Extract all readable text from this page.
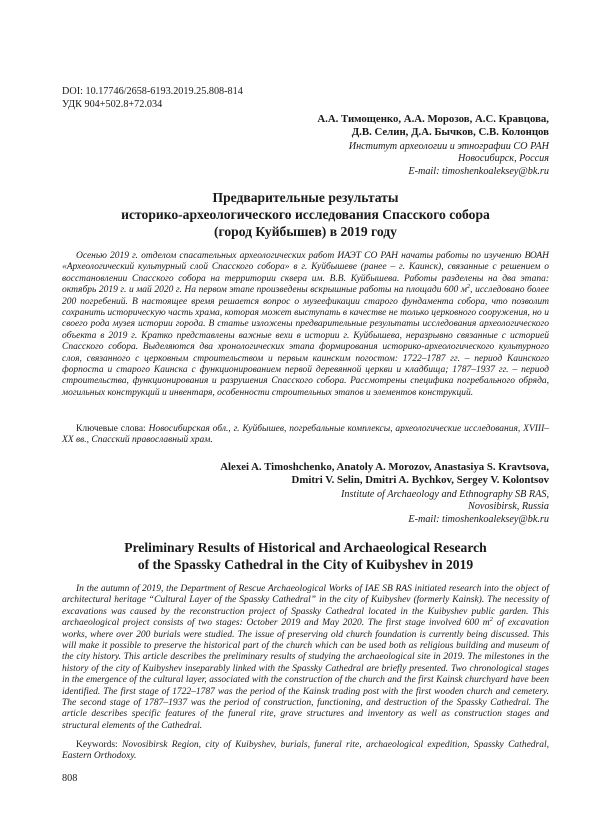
DOI: 10.17746/2658-6193.2019.25.808-814
УДК 904+502.8+72.034
А.А. Тимощенко, А.А. Морозов, А.С. Кравцова,
Д.В. Селин, Д.А. Бычков, С.В. Колонцов
Институт археологии и этнографии СО РАН
Новосибирск, Россия
E-mail: timoshenkoaleksey@bk.ru
Предварительные результаты
историко-археологического исследования Спасского собора
(город Куйбышев) в 2019 году
Осенью 2019 г. отделом спасательных археологических работ ИАЭТ СО РАН начаты работы по изучению ВОАН «Археологический культурный слой Спасского собора» в г. Куйбышеве (ранее – г. Каинск), связанные с решением о восстановлении Спасского собора на территории сквера им. В.В. Куйбышева. Работы разделены на два этапа: октябрь 2019 г. и май 2020 г. На первом этапе произведены вскрышные работы на площади 600 $м^2$, исследовано более 200 погребений. В настоящее время решается вопрос о музеефикации старого фундамента собора, что позволит сохранить историческую часть храма, которая может выступать в качестве не только церковного сооружения, но и своего рода музея истории города. В статье изложены предварительные результаты исследования археологического объекта в 2019 г. Кратко представлены важные вехи в истории г. Куйбышева, неразрывно связанные с историей Спасского собора. Выделяются два хронологических этапа формирования историко-археологического культурного слоя, связанного с церковным строительством и первым каинским погостом: 1722–1787 гг. – период Каинского форпоста и старого Каинска с функционированием первой деревянной церкви и кладбища; 1787–1937 гг. – период строительства, функционирования и разрушения Спасского собора. Рассмотрены специфика погребального обряда, могильных конструкций и инвентаря, особенности строительных этапов и элементов конструкций.
Ключевые слова: Новосибирская обл., г. Куйбышев, погребальные комплексы, археологические исследования, XVIII–XX вв., Спасский православный храм.
Alexei A. Timoshchenko, Anatoly A. Morozov, Anastasiya S. Kravtsova,
Dmitri V. Selin, Dmitri A. Bychkov, Sergey V. Kolontsov
Institute of Archaeology and Ethnography SB RAS,
Novosibirsk, Russia
E-mail: timoshenkoaleksey@bk.ru
Preliminary Results of Historical and Archaeological Research
of the Spassky Cathedral in the City of Kuibyshev in 2019
In the autumn of 2019, the Department of Rescue Archaeological Works of IAE SB RAS initiated research into the object of architectural heritage “Cultural Layer of the Spassky Cathedral” in the city of Kuibyshev (formerly Kainsk). The necessity of excavations was caused by the reconstruction project of Spassky Cathedral located in the Kuibyshev public garden. This archaeological project consists of two stages: October 2019 and May 2020. The first stage involved 600 $m^2$ of excavation works, where over 200 burials were studied. The issue of preserving old church foundation is currently being discussed. This will make it possible to preserve the historical part of the church which can be used both as religious building and museum of the city history. This article describes the preliminary results of studying the archaeological site in 2019. The milestones in the history of the city of Kuibyshev inseparably linked with the Spassky Cathedral are briefly presented. Two chronological stages in the emergence of the cultural layer, associated with the construction of the church and the first Kainsk churchyard have been identified. The first stage of 1722–1787 was the period of the Kainsk trading post with the first wooden church and cemetery. The second stage of 1787–1937 was the period of construction, functioning, and destruction of the Spassky Cathedral. The article describes specific features of the funeral rite, grave structures and inventory as well as construction stages and structural elements of the Cathedral.
Keywords: Novosibirsk Region, city of Kuibyshev, burials, funeral rite, archaeological expedition, Spassky Cathedral, Eastern Orthodoxy.
808
